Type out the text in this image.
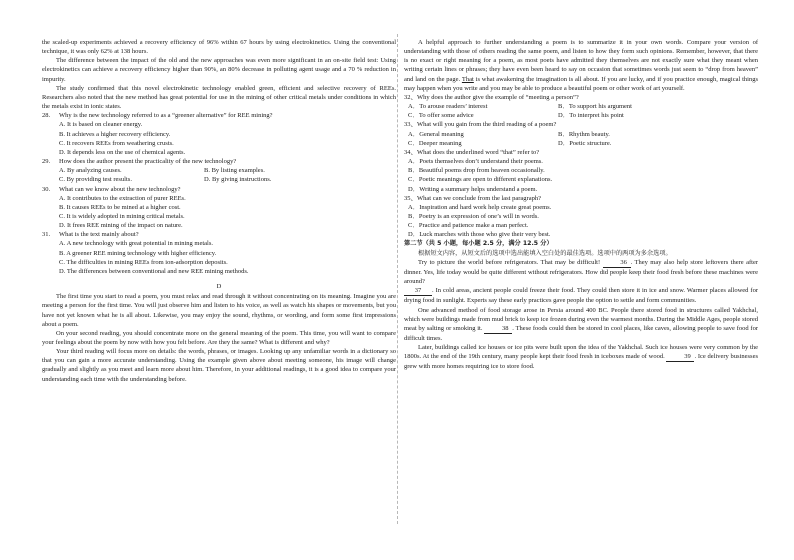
the scaled-up experiments achieved a recovery efficiency of 96% within 67 hours by using electrokinetics. Using the conventional technique, it was only 62% at 138 hours.

The difference between the impact of the old and the new approaches was even more significant in an on-site field test: Using electrokinetics can achieve a recovery efficiency higher than 90%, an 80% decrease in polluting agent usage and a 70 % reduction in impurity.

The study confirmed that this novel electrokinetic technology enabled green, efficient and selective recovery of REEs. Researchers also noted that the new method has great potential for use in the mining of other critical metals under conditions in which the metals exist in ionic states.

28.	Why is the new technology referred to as a “greener alternative” for REE mining?
A. It is based on cleaner energy.
B. It achieves a higher recovery efficiency.
C. It recovers REEs from weathering crusts.
D. It depends less on the use of chemical agents.
29.	How does the author present the practicality of the new technology?
A. By analyzing causes.	B. By listing examples.
C. By providing test results.	D. By giving instructions.
30.	What can we know about the new technology?
A. It contributes to the extraction of purer REEs.
B. It causes REEs to be mined at a higher cost.
C. It is widely adopted in mining critical metals.
D. It frees REE mining of the impact on nature.
31.	What is the text mainly about?
A. A new technology with great potential in mining metals.
B. A greener REE mining technology with higher efficiency.
C. The difficulties in mining REEs from ion-adsorption deposits.
D. The differences between conventional and new REE mining methods.
D

The first time you start to read a poem, you must relax and read through it without concentrating on its meaning. Imagine you are meeting a person for the first time. You will just observe him and listen to his voice, as well as watch his shapes or movements, but you have not yet known what he is all about. Likewise, you may enjoy the sound, rhythms, or wording, and form some first impressions about a poem.

On your second reading, you should concentrate more on the general meaning of the poem. This time, you will want to compare your feelings about the poem by now with how you felt before. Are they the same? What is different and why?

Your third reading will focus more on details: the words, phrases, or images. Looking up any unfamiliar words in a dictionary so that you can gain a more accurate understanding. Using the example given above about meeting someone, his image will change gradually and slightly as you meet and learn more about him. Therefore, in your additional readings, it is a good idea to compare your understanding each time with the understanding before.

A helpful approach to further understanding a poem is to summarize it in your own words. Compare your version of understanding with those of others reading the same poem, and listen to how they form such opinions. Remember, however, that there is no exact or right meaning for a poem, as most poets have admitted they themselves are not exactly sure what they meant when writing certain lines or phrases; they have even been heard to say on occasion that sometimes words just seem to “drop from heaven” and land on the page. That is what awakening the imagination is all about. If you are lucky, and if you practice enough, magical things may happen when you write and you may be able to produce a beautiful poem or other work of art yourself.

32、Why does the author give the example of “meeting a person”?
A．To arouse readers’ interest	B．To support his argument
C．To offer some advice	D．To interpret his point
33、What will you gain from the third reading of a poem?
A．General meaning	B．Rhythm beauty.
C．Deeper meaning	D．Poetic structure.
34、What does the underlined word “that” refer to?
A．Poets themselves don’t understand their poems.
B．Beautiful poems drop from heaven occasionally.
C．Poetic meanings are open to different explanations.
D．Writing a summary helps understand a poem.
35、What can we conclude from the last paragraph?
A．Inspiration and hard work help create great poems.
B．Poetry is an expression of one’s will in words.
C．Practice and patience make a man perfect.
D．Luck marches with those who give their very best.
第二节（共 5 小题，每小题 2.5 分，满分 12.5 分）

根据短文内容，从短文后的选项中选出能填入空白处的最佳选项。选项中的两项为多余选项。

Try to picture the world before refrigerators. That may be difficult!	36 . They may also help store leftovers there after dinner. Yes, life today would be quite different without refrigerators. How did people keep their food fresh before these machines were around?

37 . In cold areas, ancient people could freeze their food. They could then store it in ice and snow. Warmer places allowed for drying food in sunlight. Experts say these early practices gave people the option to settle and form communities.

One advanced method of food storage arose in Persia around 400 BC. People there stored food in structures called Yakhchal, which were buildings made from mud brick to keep ice frozen during even the warmest months. During the Middle Ages, people stored meat by salting or smoking it.	38 . These foods could then be stored in cool places, like caves, allowing people to save food for difficult times.

Later, buildings called ice houses or ice pits were built upon the idea of the Yakhchal. Such ice houses were very common by the 1800s. At the end of the 19th century, many people kept their food fresh in iceboxes made of wood.	39 . Ice delivery businesses grew with more homes requiring ice to store food.
